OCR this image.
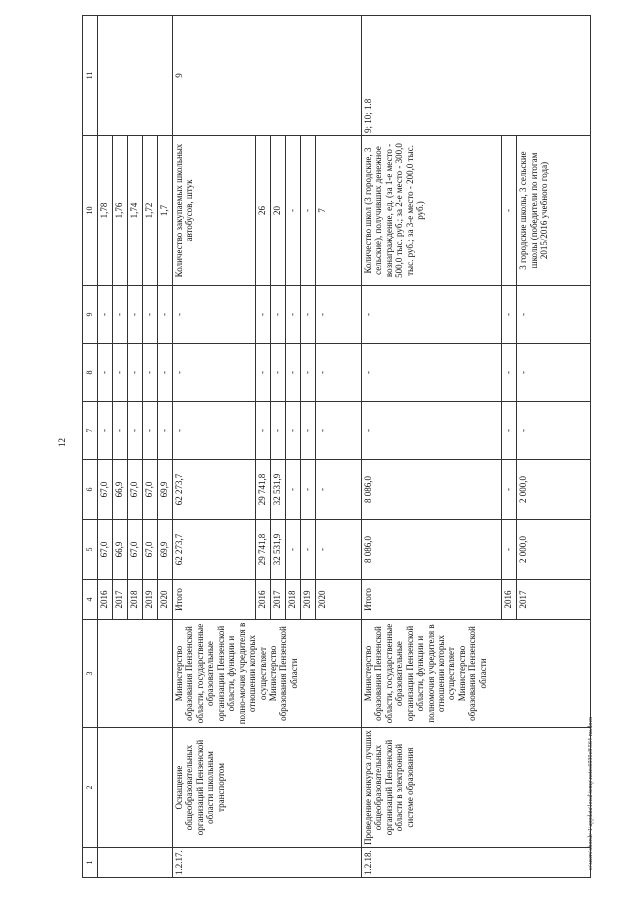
12
c:\users\sborsh~1\appdata\local\temp\notes6030c8\564-nu.docx
1	2	3	4	5	6	7	8	9	10	11
			2016	67,0	67,0	-	-	-	1,78	
			2017	66,9	66,9	-	-	-	1,76	
			2018	67,0	67,0	-	-	-	1,74	
			2019	67,0	67,0	-	-	-	1,72	
			2020	69,9	69,9	-	-	-	1,7	
1.2.17.	Оснащение общеобразовательных организаций Пензенской области школьным транспортом	Министерство образования Пензенской области, государственные образовательные организации Пензенской области, функции и полно-мочия учредителя в отношении которых осуществляет Министерство образования Пензенской области	Итого	62 273,7	62 273,7	-	-	-	Количество закупаемых школьных автобусов, штук	9
			2016	29 741,8	29 741,8	-	-	-	26	
			2017	32 531,9	32 531,9	-	-	-	20	
			2018	-	-	-	-	-	-	
			2019	-	-	-	-	-	-	
			2020	-	-	-	-	-	7	
1.2.18.	Проведение конкурса лучших общеобразовательных организаций Пензенской области в электронной системе образования	Министерство образования Пензенской области, государственные образовательные организации Пензенской области, функции и полномочия учредителя в отношении которых осуществляет Министерство образования Пензенской области	Итого	8 086,0	8 086,0	-	-	-	Количество школ (3 городские, 3 сельские), получивших денежное вознаграждение, ед. (за 1-е место - 500,0 тыс. руб.; за 2-е место - 300,0 тыс. руб.; за 3-е место - 200,0 тыс. руб.)	9; 10; 1.8
			2016	-	-	-	-	-	-	
			2017	2 000,0	2 000,0	-	-	-	3 городские школы, 3 сельские школы (победители по итогам 2015/2016 учебного года)	
